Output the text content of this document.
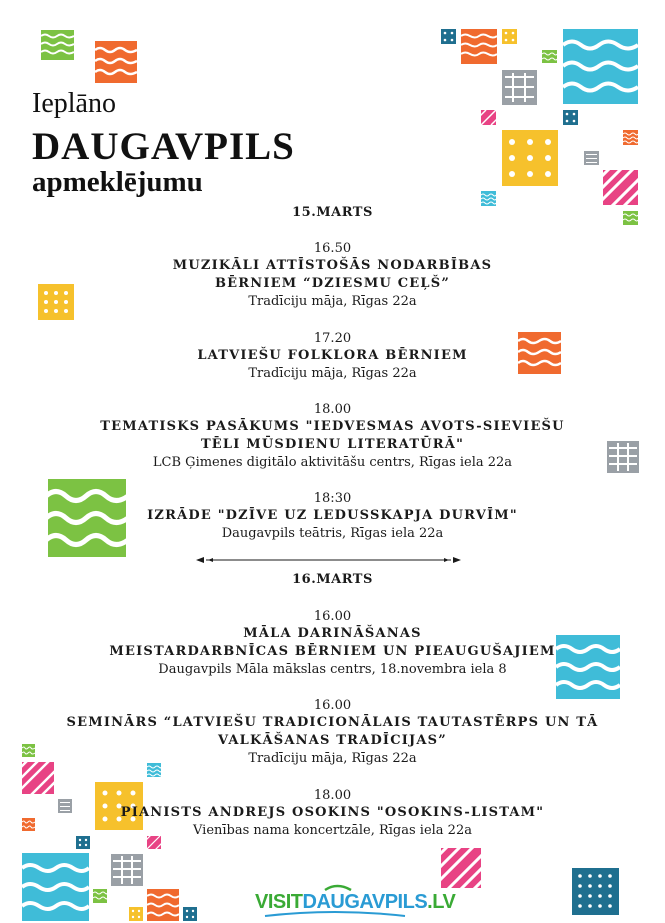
Ieplāno
DAUGAVPILS
apmeklējumu
15.MARTS
16.50
MUZIKĀLI ATTĪSTOŠĀS NODARBĪBAS
BĒRNIEM “DZIESMU CEĻŠ”
Tradīciju māja, Rīgas 22a
17.20
LATVIEŠU FOLKLORA BĒRNIEM
Tradīciju māja, Rīgas 22a
18.00
TEMATISKS PASĀKUMS "IEDVESMAS AVOTS-SIEVIEŠU
TĒLI MŪSDIENU LITERATŪRĀ"
LCB Ģimenes digitālo aktivitāšu centrs, Rīgas iela 22a
18:30
IZRĀDE "DZĪVE UZ LEDUSSKAPJA DURVĪM"
Daugavpils teātris, Rīgas iela 22a
16.MARTS
16.00
MĀLA DARINĀŠANAS
MEISTARDARBNĪCAS BĒRNIEM UN PIEAUGUŠAJIEM
Daugavpils Māla mākslas centrs, 18.novembra iela 8
16.00
SEMINĀRS “LATVIEŠU TRADICIONĀLAIS TAUTASTĒRPS UN TĀ
VALKĀŠANAS TRADĪCIJAS”
Tradīciju māja, Rīgas 22a
18.00
PIANISTS ANDREJS OSOKINS "OSOKINS-LISTAM"
Vienības nama koncertzāle, Rīgas iela 22a
VISITDAUGAVPILS.LV
